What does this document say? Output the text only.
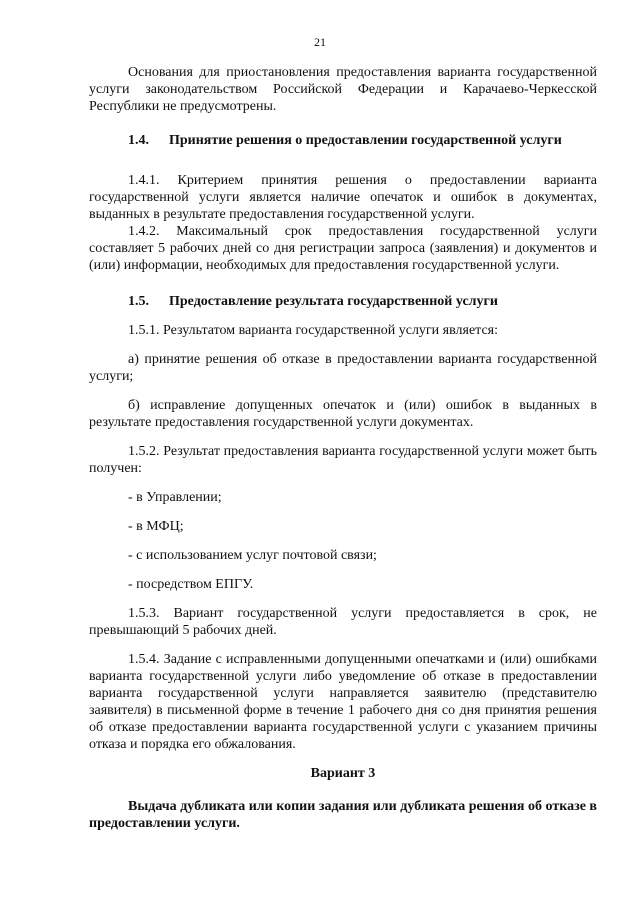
21

Основания для приостановления предоставления варианта государственной услуги законодательством Российской Федерации и Карачаево-Черкесской Республики не предусмотрены.

1.4. Принятие решения о предоставлении государственной услуги

1.4.1. Критерием принятия решения о предоставлении варианта государственной услуги является наличие опечаток и ошибок в документах, выданных в результате предоставления государственной услуги.

1.4.2. Максимальный срок предоставления государственной услуги составляет 5 рабочих дней со дня регистрации запроса (заявления) и документов и (или) информации, необходимых для предоставления государственной услуги.

1.5. Предоставление результата государственной услуги

1.5.1. Результатом варианта государственной услуги является:

а) принятие решения об отказе в предоставлении варианта государственной услуги;

б) исправление допущенных опечаток и (или) ошибок в выданных в результате предоставления государственной услуги документах.

1.5.2. Результат предоставления варианта государственной услуги может быть получен:

- в Управлении;

- в МФЦ;

- с использованием услуг почтовой связи;

- посредством ЕПГУ.

1.5.3. Вариант государственной услуги предоставляется в срок, не превышающий 5 рабочих дней.

1.5.4. Задание с исправленными допущенными опечатками и (или) ошибками варианта государственной услуги либо уведомление об отказе в предоставлении варианта государственной услуги направляется заявителю (представителю заявителя) в письменной форме в течение 1 рабочего дня со дня принятия решения об отказе предоставлении варианта государственной услуги с указанием причины отказа и порядка его обжалования.

Вариант 3

Выдача дубликата или копии задания или дубликата решения об отказе в предоставлении услуги.
